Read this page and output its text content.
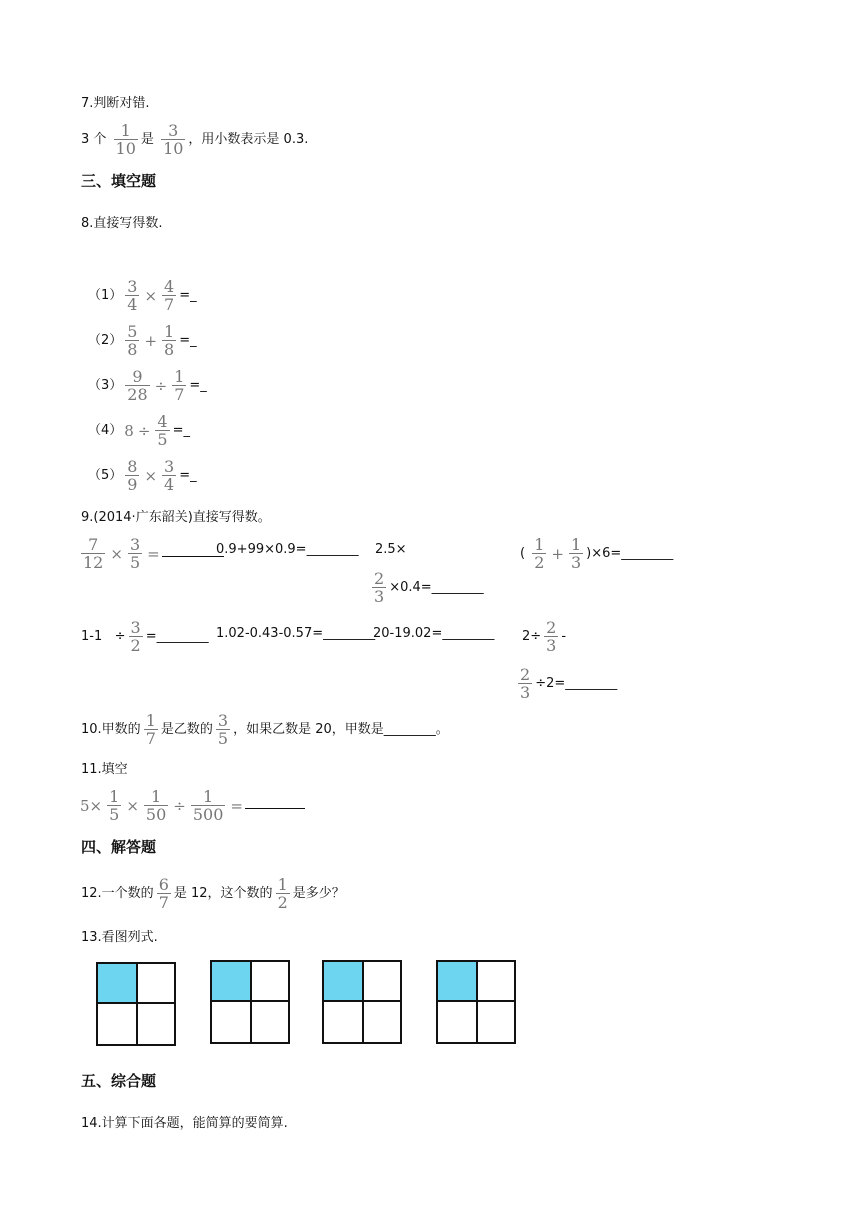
7.判断对错.
3 个 $\frac{1}{10}$ 是 $\frac{3}{10}$ ，用小数表示是 0.3.
三、填空题
8.直接写得数.
$(1) \frac{3}{4} \times \frac{4}{7}$ =_
$(2) \frac{5}{8} + \frac{1}{8}$ =_
$(3) \frac{9}{28} \div \frac{1}{7}$ =_
（4） $8 \div \frac{4}{5}$ =_
$(5) \frac{8}{9} \times \frac{3}{4}$ =_
9.(2014·广东韶关)直接写得数。
$\frac{7}{12} \times \frac{3}{5}$ =	0.9+99×0.9=________ 2.5×
$\frac{2}{3}$ ×0.4=________
( $\frac{1}{2} + \frac{1}{3}$ )×6=________
$1-1 \div \frac{3}{2}$ =________ 1.02-0.43-0.57=________
20-19.02=________ $2\div \frac{2}{3}$ -
$\frac{2}{3}$ ÷2=________
10.甲数的 $\frac{1}{7}$ 是乙数的 $\frac{3}{5}$ ，如果乙数是 20，甲数是________。
11.填空
$5\times \frac{1}{5} \times \frac{1}{50} \div \frac{1}{500}$ =
四、解答题
12.一个数的 $\frac{6}{7}$ 是 12，这个数的 $\frac{1}{2}$ 是多少？
13.看图列式.
五、综合题
14.计算下面各题，能简算的要简算.
